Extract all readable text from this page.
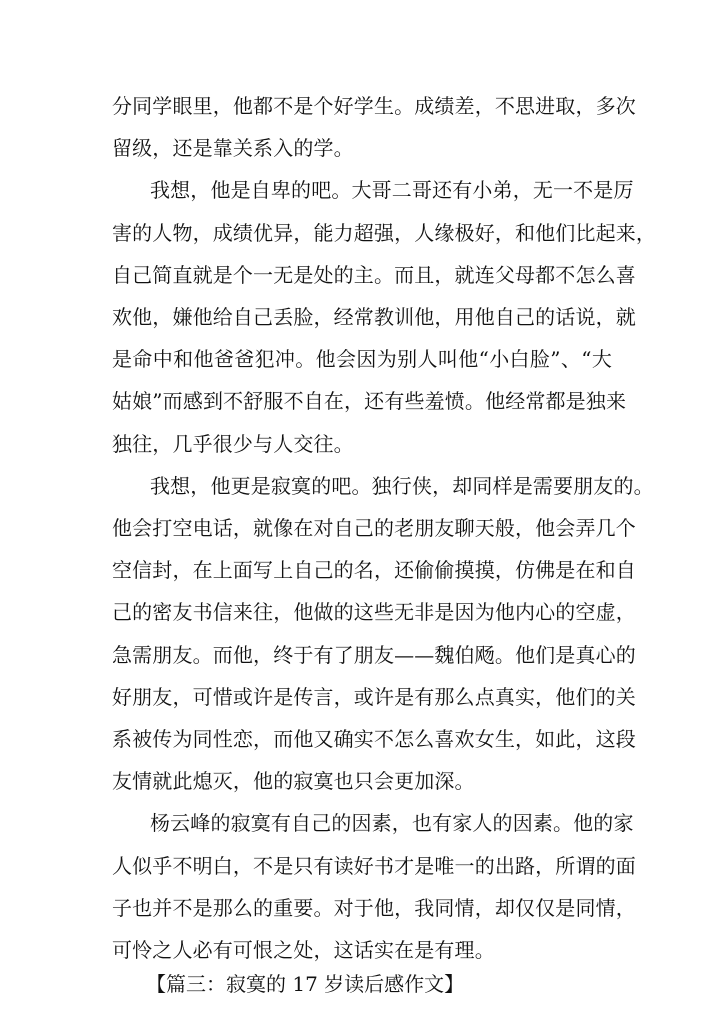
分同学眼里，他都不是个好学生。成绩差，不思进取，多次
留级，还是靠关系入的学。
我想，他是自卑的吧。大哥二哥还有小弟，无一不是厉
害的人物，成绩优异，能力超强，人缘极好，和他们比起来，
自己简直就是个一无是处的主。而且，就连父母都不怎么喜
欢他，嫌他给自己丢脸，经常教训他，用他自己的话说，就
是命中和他爸爸犯冲。他会因为别人叫他“小白脸”、“大
姑娘”而感到不舒服不自在，还有些羞愤。他经常都是独来
独往，几乎很少与人交往。
我想，他更是寂寞的吧。独行侠，却同样是需要朋友的。
他会打空电话，就像在对自己的老朋友聊天般，他会弄几个
空信封，在上面写上自己的名，还偷偷摸摸，仿佛是在和自
己的密友书信来往，他做的这些无非是因为他内心的空虚，
急需朋友。而他，终于有了朋友——魏伯飏。他们是真心的
好朋友，可惜或许是传言，或许是有那么点真实，他们的关
系被传为同性恋，而他又确实不怎么喜欢女生，如此，这段
友情就此熄灭，他的寂寞也只会更加深。
杨云峰的寂寞有自己的因素，也有家人的因素。他的家
人似乎不明白，不是只有读好书才是唯一的出路，所谓的面
子也并不是那么的重要。对于他，我同情，却仅仅是同情，
可怜之人必有可恨之处，这话实在是有理。
【篇三：寂寞的 17 岁读后感作文】
